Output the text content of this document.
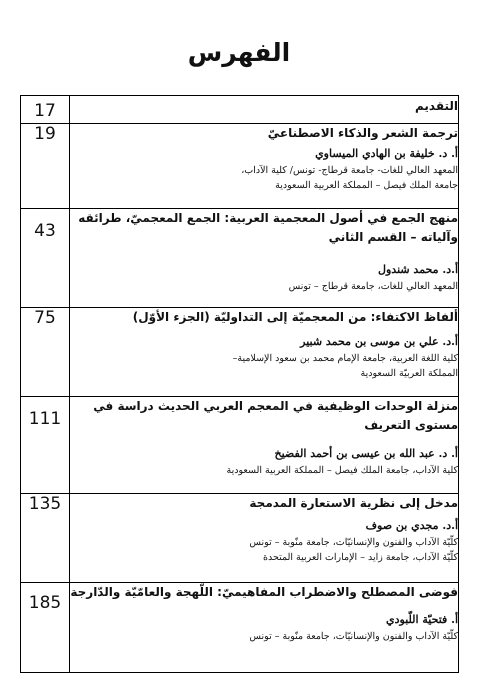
الفهرس
التقديم	17

ترجمة الشعر والذكاء الاصطناعيّ
أ. د. خليفة بن الهادي الميساوي
المعهد العالي للغات- جامعة قرطاج- تونس/ كلية الآداب،
جامعة الملك فيصل – المملكة العربية السعودية	19

منهج الجمع في أصول المعجمية العربية: الجمع المعجميّ، طرائقه وآلياته – القسم الثاني
أ.د. محمد شندول
المعهد العالي للغات، جامعة قرطاج – تونس	43

ألفاظ الاكتفاء: من المعجميّة إلى التداوليّة (الجزء الأوّل)
أ.د. علي بن موسى بن محمد شبير
كلية اللغة العربية، جامعة الإمام محمد بن سعود الإسلامية–
المملكة العربيّة السعودية	75

منزلة الوحدات الوظيفية في المعجم العربي الحديث دراسة في مستوى التعريف
أ. د. عبد الله بن عيسى بن أحمد الفضيخ
كلية الآداب، جامعة الملك فيصل – المملكة العربية السعودية	111

مدخل إلى نظرية الاستعارة المدمجة
أ.د. مجدي بن صوف
كلّيّة الآداب والفنون والإنسانيّات، جامعة منّوبة – تونس
كلّيّة الآداب، جامعة زايد – الإمارات العربية المتحدة	135

فوضى المصطلح والاضطراب المفاهيميّ: اللّهجة والعامّيّة والدّارجة
أ. فتحيّة اللّبودي
كلّيّة الآداب والفنون والإنسانيّات، جامعة منّوبة – تونس	185
